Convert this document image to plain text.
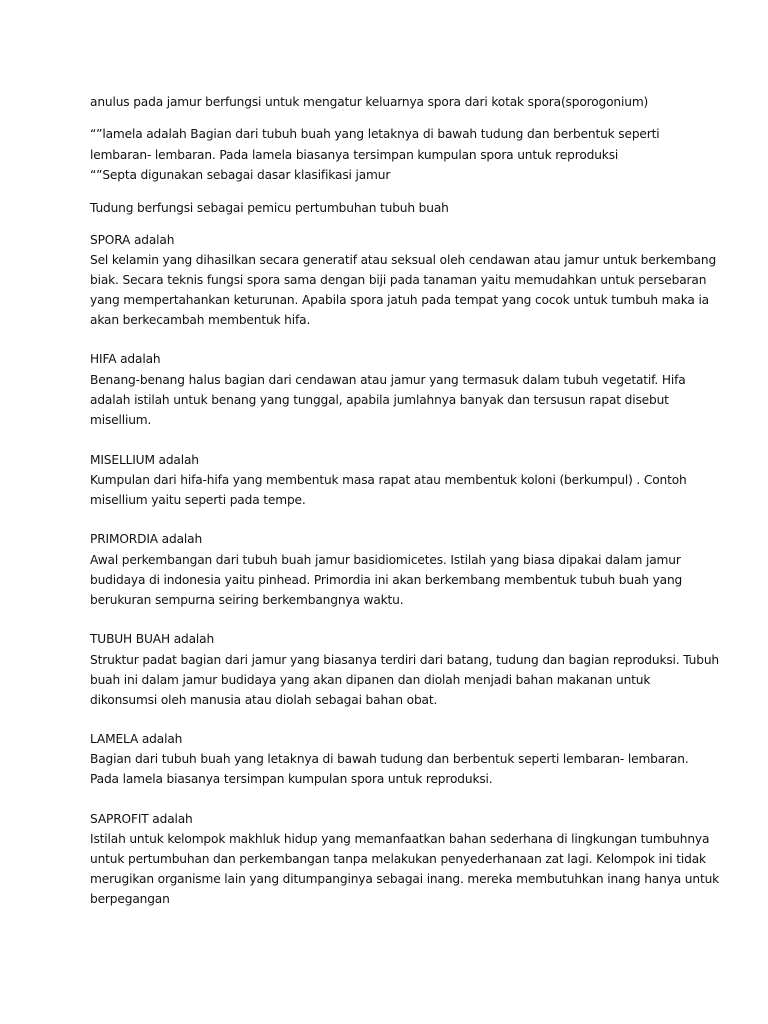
anulus pada jamur berfungsi untuk mengatur keluarnya spora dari kotak spora(sporogonium)
“”lamela adalah Bagian dari tubuh buah yang letaknya di bawah tudung dan berbentuk seperti
lembaran- lembaran. Pada lamela biasanya tersimpan kumpulan spora untuk reproduksi
“”Septa digunakan sebagai dasar klasifikasi jamur
Tudung berfungsi sebagai pemicu pertumbuhan tubuh buah
SPORA adalah
Sel kelamin yang dihasilkan secara generatif atau seksual oleh cendawan atau jamur untuk berkembang
biak. Secara teknis fungsi spora sama dengan biji pada tanaman yaitu memudahkan untuk persebaran
yang mempertahankan keturunan. Apabila spora jatuh pada tempat yang cocok untuk tumbuh maka ia
akan berkecambah membentuk hifa.
HIFA adalah
Benang-benang halus bagian dari cendawan atau jamur yang termasuk dalam tubuh vegetatif. Hifa
adalah istilah untuk benang yang tunggal, apabila jumlahnya banyak dan tersusun rapat disebut
misellium.
MISELLIUM adalah
Kumpulan dari hifa-hifa yang membentuk masa rapat atau membentuk koloni (berkumpul) . Contoh
misellium yaitu seperti pada tempe.
PRIMORDIA adalah
Awal perkembangan dari tubuh buah jamur basidiomicetes. Istilah yang biasa dipakai dalam jamur
budidaya di indonesia yaitu pinhead. Primordia ini akan berkembang membentuk tubuh buah yang
berukuran sempurna seiring berkembangnya waktu.
TUBUH BUAH adalah
Struktur padat bagian dari jamur yang biasanya terdiri dari batang, tudung dan bagian reproduksi. Tubuh
buah ini dalam jamur budidaya yang akan dipanen dan diolah menjadi bahan makanan untuk
dikonsumsi oleh manusia atau diolah sebagai bahan obat.
LAMELA adalah
Bagian dari tubuh buah yang letaknya di bawah tudung dan berbentuk seperti lembaran- lembaran.
Pada lamela biasanya tersimpan kumpulan spora untuk reproduksi.
SAPROFIT adalah
Istilah untuk kelompok makhluk hidup yang memanfaatkan bahan sederhana di lingkungan tumbuhnya
untuk pertumbuhan dan perkembangan tanpa melakukan penyederhanaan zat lagi. Kelompok ini tidak
merugikan organisme lain yang ditumpanginya sebagai inang. mereka membutuhkan inang hanya untuk
berpegangan
